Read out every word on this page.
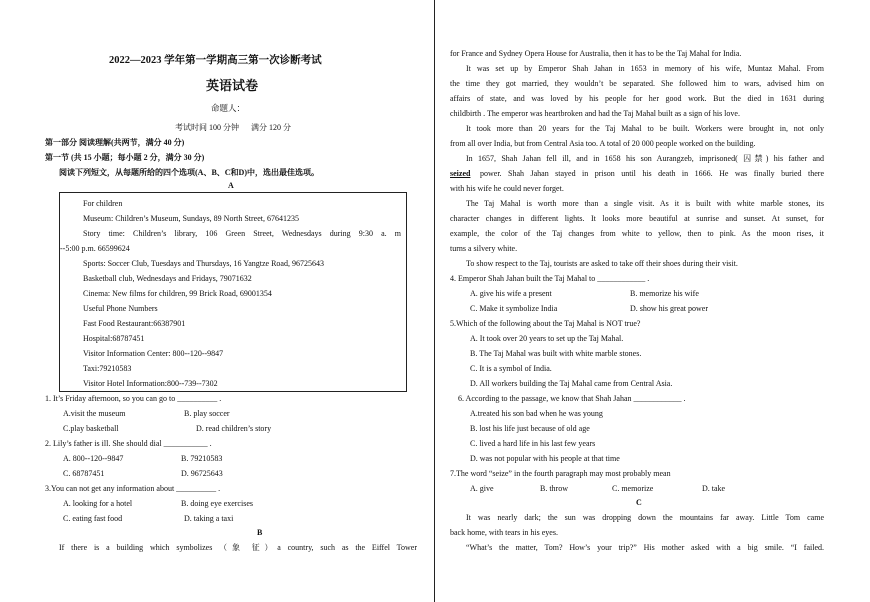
2022—2023 学年第一学期高三第一次诊断考试
英语试卷
命题人：
考试时间 100 分钟      满分 120 分
第一部分 阅读理解(共两节，满分 40 分)
第一节 (共 15 小题；每小题 2 分，满分 30 分)
阅读下列短文，从每题所给的四个选项(A、B、C和D)中，选出最佳选项。
A
For children
Museum: Children’s Museum, Sundays, 89 North Street, 67641235
Story time: Children’s library, 106 Green Street, Wednesdays during 9:30 a. m
--5:00 p.m. 66599624
Sports: Soccer Club, Tuesdays and Thursdays, 16 Yangtze Road, 96725643
Basketball club, Wednesdays and Fridays, 79071632
Cinema: New films for children, 99 Brick Road, 69001354
Useful Phone Numbers
Fast Food Restaurant:66387901
Hospital:68787451
Visitor Information Center: 800--120--9847
Taxi:79210583
Visitor Hotel Information:800--739--7302
1. It’s Friday afternoon, so you can go to __________ .
A.visit the museum	B. play soccer
C.play basketball	D. read children’s story
2. Lily’s father is ill. She should dial ___________ .
A. 800--120--9847	B. 79210583
C. 68787451	D. 96725643
3.You can not get any information about __________ .
A. looking for a hotel	B. doing eye exercises
C. eating fast food	D. taking a taxi
B
If there is a building which symbolizes （象 征）a country, such as the Eiffel Tower
for France and Sydney Opera House for Australia, then it has to be the Taj Mahal for India.
It was set up by Emperor Shah Jahan in 1653 in memory of his wife, Muntaz Mahal. From
the time they got married, they wouldn’t be separated. She followed him to wars, advised him on
affairs of state, and was loved by his people for her good work. But the died in 1631 during
childbirth . The emperor was heartbroken and had the Taj Mahal built as a sign of his love.
It took more than 20 years for the Taj Mahal to be built. Workers were brought in, not only
from all over India, but from Central Asia too. A total of 20 000 people worked on the building.
In 1657, Shah Jahan fell ill, and in 1658 his son Aurangzeb, imprisoned( 囚禁) his father and
seized power. Shah Jahan stayed in prison until his death in 1666. He was finally buried there
with his wife he could never forget.
The Taj Mahal is worth more than a single visit. As it is built with white marble stones, its
character changes in different lights. It looks more beautiful at sunrise and sunset. At sunset, for
example, the color of the Taj changes from white to yellow, then to pink. As the moon rises, it
turns a silvery white.
To show respect to the Taj, tourists are asked to take off their shoes during their visit.
4. Emperor Shah Jahan built the Taj Mahal to ____________ .
A. give his wife a present	B. memorize his wife
C. Make it symbolize India	D. show his great power
5.Which of the following about the Taj Mahal is NOT true?
A. It took over 20 years to set up the Taj Mahal.
B. The Taj Mahal was built with white marble stones.
C. It is a symbol of India.
D. All workers building the Taj Mahal came from Central Asia.
6. According to the passage, we know that Shah Jahan ____________ .
A.treated his son bad when he was young
B. lost his life just because of old age
C. lived a hard life in his last few years
D. was not popular with his people at that time
7.The word “seize” in the fourth paragraph may most probably mean
A. give	B. throw	C. memorize	D. take
C
It was nearly dark; the sun was dropping down the mountains far away. Little Tom came
back home, with tears in his eyes.
“What’s the matter, Tom? How’s your trip?” His mother asked with a big smile. “I failed.
